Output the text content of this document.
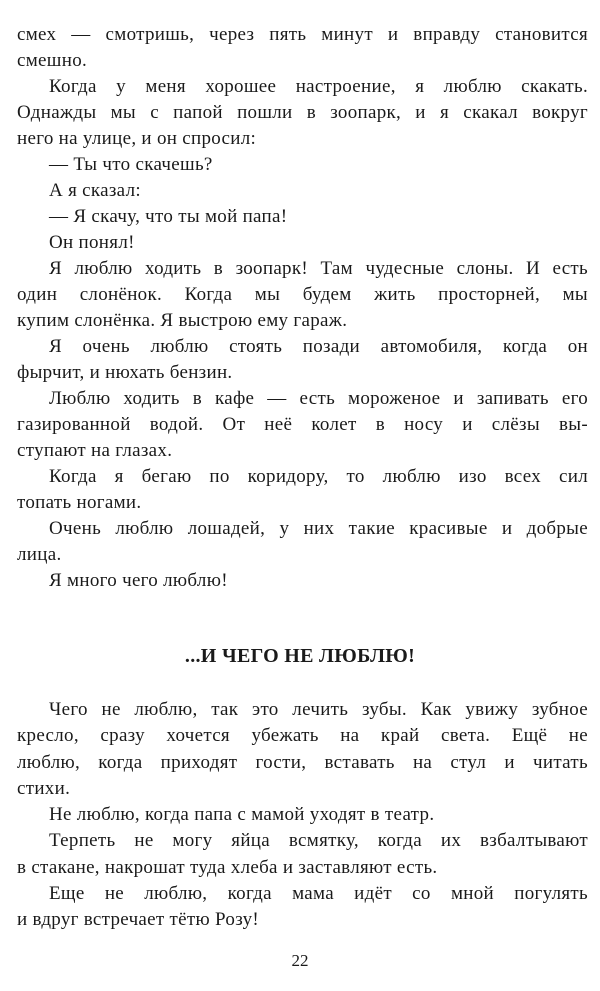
смех — смотришь, через пять минут и вправду становится
смешно.
Когда у меня хорошее настроение, я люблю скакать.
Однажды мы с папой пошли в зоопарк, и я скакал вокруг
него на улице, и он спросил:
— Ты что скачешь?
А я сказал:
— Я скачу, что ты мой папа!
Он понял!
Я люблю ходить в зоопарк! Там чудесные слоны. И есть
один слонёнок. Когда мы будем жить просторней, мы
купим слонёнка. Я выстрою ему гараж.
Я очень люблю стоять позади автомобиля, когда он
фырчит, и нюхать бензин.
Люблю ходить в кафе — есть мороженое и запивать его
газированной водой. От неё колет в носу и слёзы вы-
ступают на глазах.
Когда я бегаю по коридору, то люблю изо всех сил
топать ногами.
Очень люблю лошадей, у них такие красивые и добрые
лица.
Я много чего люблю!
...И ЧЕГО НЕ ЛЮБЛЮ!
Чего не люблю, так это лечить зубы. Как увижу зубное
кресло, сразу хочется убежать на край света. Ещё не
люблю, когда приходят гости, вставать на стул и читать
стихи.
Не люблю, когда папа с мамой уходят в театр.
Терпеть не могу яйца всмятку, когда их взбалтывают
в стакане, накрошат туда хлеба и заставляют есть.
Еще не люблю, когда мама идёт со мной погулять
и вдруг встречает тётю Розу!
22
